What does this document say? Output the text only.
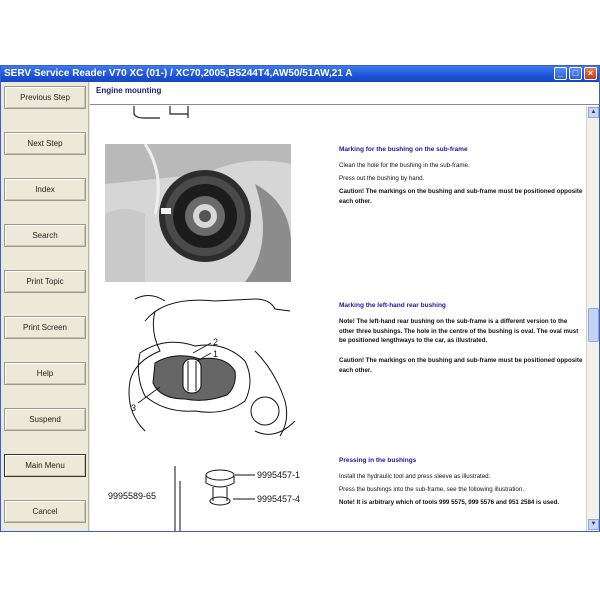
SERV Service Reader V70 XC (01-) / XC70,2005,B5244T4,AW50/51AW,21 A	_	□	×
Previous Step
Next Step
Index
Search
Print Topic
Print Screen
Help
Suspend
Main Menu
Cancel
Engine mounting
2
1
3
9995457-1
9995457-4
9995589-65
Marking for the bushing on the sub-frame
Clean the hole for the bushing in the sub-frame.
Press out the bushing by hand.
Caution! The markings on the bushing and sub-frame must be positioned opposite each other.
Marking the left-hand rear bushing
Note! The left-hand rear bushing on the sub-frame is a different version to the other three bushings. The hole in the centre of the bushing is oval. The oval must be positioned lengthways to the car, as illustrated.
Caution! The markings on the bushing and sub-frame must be positioned opposite each other.
Pressing in the bushings
Install the hydraulic tool and press sleeve as illustrated.
Press the bushings into the sub-frame, see the following illustration.
Note! It is arbitrary which of tools 999 5575, 999 5576 and 951 2584 is used.
▲
▼
